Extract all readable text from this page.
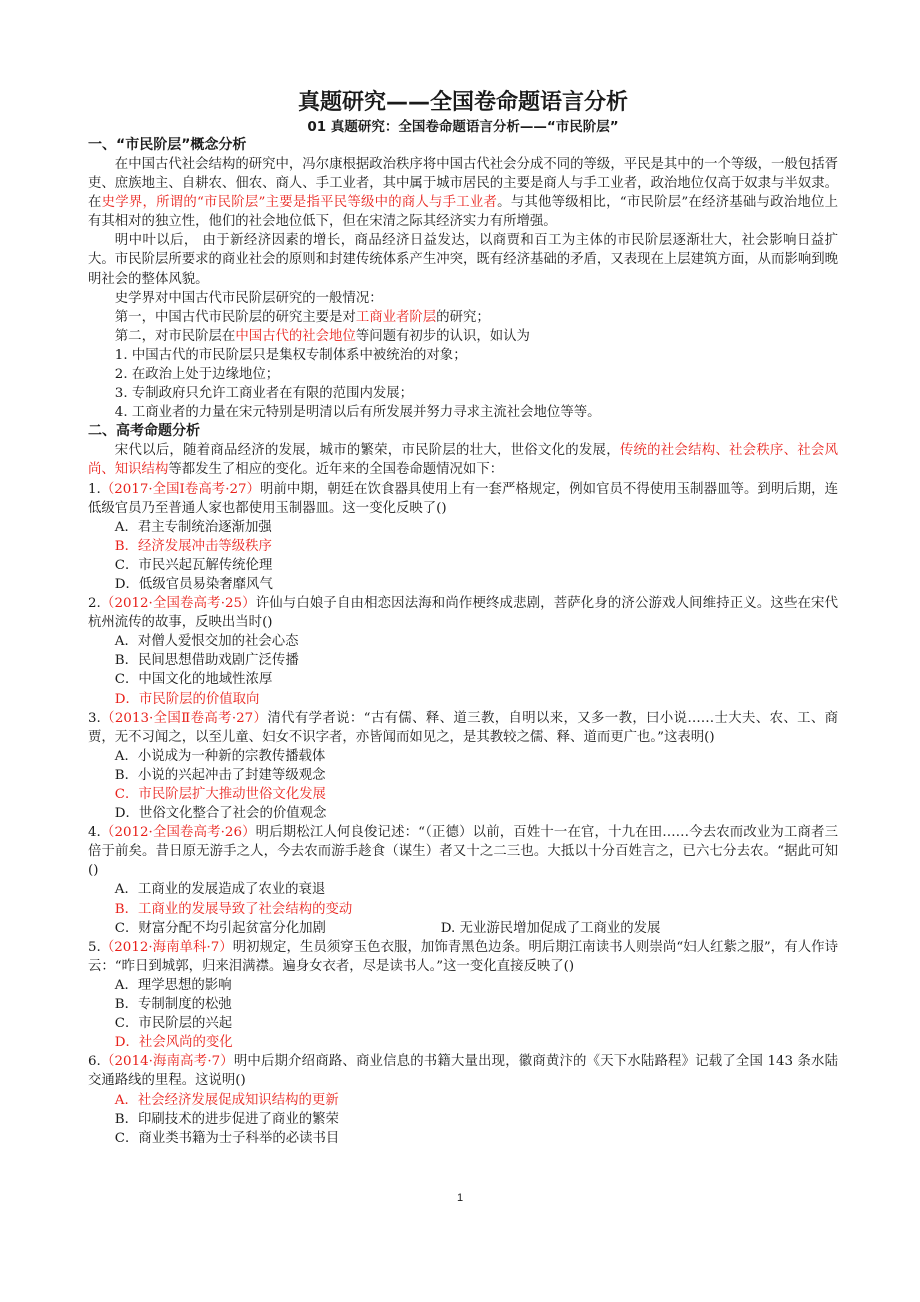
真题研究——全国卷命题语言分析

01 真题研究：全国卷命题语言分析——“市民阶层”

一、“市民阶层”概念分析

在中国古代社会结构的研究中，冯尔康根据政治秩序将中国古代社会分成不同的等级，平民是其中的一个等级，一般包括胥吏、庶族地主、自耕农、佃农、商人、手工业者，其中属于城市居民的主要是商人与手工业者，政治地位仅高于奴隶与半奴隶。在史学界，所谓的“市民阶层”主要是指平民等级中的商人与手工业者。与其他等级相比，“市民阶层”在经济基础与政治地位上有其相对的独立性，他们的社会地位低下，但在宋清之际其经济实力有所增强。

明中叶以后， 由于新经济因素的增长，商品经济日益发达，以商贾和百工为主体的市民阶层逐渐壮大，社会影响日益扩大。市民阶层所要求的商业社会的原则和封建传统体系产生冲突，既有经济基础的矛盾，又表现在上层建筑方面，从而影响到晚明社会的整体风貌。

史学界对中国古代市民阶层研究的一般情况：

第一，中国古代市民阶层的研究主要是对工商业者阶层的研究；

第二，对市民阶层在中国古代的社会地位等问题有初步的认识，如认为

1. 中国古代的市民阶层只是集权专制体系中被统治的对象；

2. 在政治上处于边缘地位；

3. 专制政府只允许工商业者在有限的范围内发展；

4. 工商业者的力量在宋元特别是明清以后有所发展并努力寻求主流社会地位等等。

二、高考命题分析

宋代以后，随着商品经济的发展，城市的繁荣，市民阶层的壮大，世俗文化的发展，传统的社会结构、社会秩序、社会风尚、知识结构等都发生了相应的变化。近年来的全国卷命题情况如下：

1.（2017·全国Ⅰ卷高考·27）明前中期，朝廷在饮食器具使用上有一套严格规定，例如官员不得使用玉制器皿等。到明后期，连低级官员乃至普通人家也都使用玉制器皿。这一变化反映了()

A．君主专制统治逐渐加强

B．经济发展冲击等级秩序

C．市民兴起瓦解传统伦理

D．低级官员易染奢靡风气

2.（2012·全国卷高考·25）许仙与白娘子自由相恋因法海和尚作梗终成悲剧，菩萨化身的济公游戏人间维持正义。这些在宋代杭州流传的故事，反映出当时()

A．对僧人爱恨交加的社会心态

B．民间思想借助戏剧广泛传播

C．中国文化的地域性浓厚

D．市民阶层的价值取向

3.（2013·全国Ⅱ卷高考·27）清代有学者说：“古有儒、释、道三教，自明以来，又多一教，曰小说……士大夫、农、工、商贾，无不习闻之，以至儿童、妇女不识字者，亦皆闻而如见之，是其教较之儒、释、道而更广也。”这表明()

A．小说成为一种新的宗教传播载体

B．小说的兴起冲击了封建等级观念

C．市民阶层扩大推动世俗文化发展

D．世俗文化整合了社会的价值观念

4.（2012·全国卷高考·26）明后期松江人何良俊记述：“（正德）以前，百姓十一在官，十九在田……今去农而改业为工商者三倍于前矣。昔日原无游手之人，今去农而游手趁食（谋生）者又十之二三也。大抵以十分百姓言之，已六七分去农。“据此可知()

A．工商业的发展造成了农业的衰退

B．工商业的发展导致了社会结构的变动

C．财富分配不均引起贫富分化加剧	D. 无业游民增加促成了工商业的发展

5.（2012·海南单科·7）明初规定，生员须穿玉色衣服，加饰青黑色边条。明后期江南读书人则崇尚“妇人红紫之服”，有人作诗云：“昨日到城郭，归来泪满襟。遍身女衣者，尽是读书人。”这一变化直接反映了()

A．理学思想的影响

B．专制制度的松弛

C．市民阶层的兴起

D．社会风尚的变化

6.（2014·海南高考·7）明中后期介绍商路、商业信息的书籍大量出现，徽商黄汴的《天下水陆路程》记载了全国 143 条水陆交通路线的里程。这说明()

A．社会经济发展促成知识结构的更新

B．印刷技术的进步促进了商业的繁荣

C．商业类书籍为士子科举的必读书目

1
